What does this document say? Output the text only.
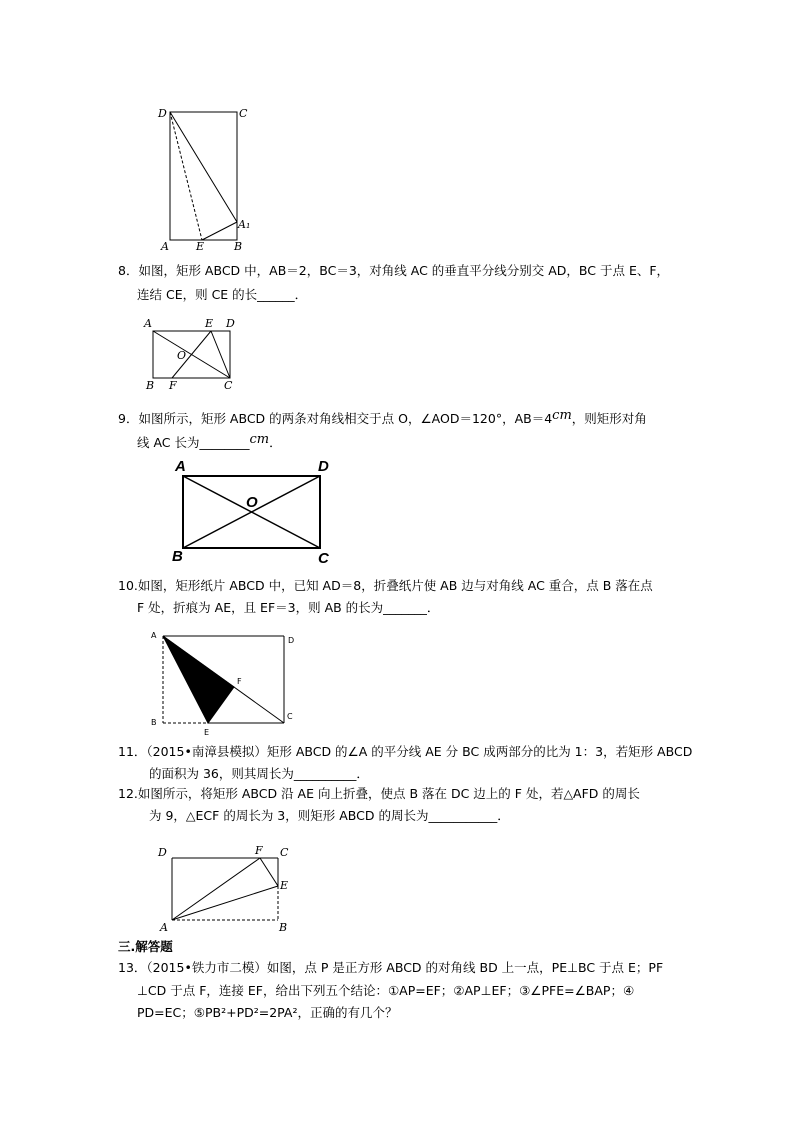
D	C
A₁
A E	B
8．如图，矩形 ABCD 中，AB＝2，BC＝3，对角线 AC 的垂直平分线分别交 AD，BC 于点 E、F，
连结 CE，则 CE 的长______．
A	E D
O
B F	C
9．如图所示，矩形 ABCD 的两条对角线相交于点 O，∠AOD＝120°，AB＝4cm，则矩形对角
线 AC 长为________cm．
A	D
O
B	C
10.如图，矩形纸片 ABCD 中，已知 AD＝8，折叠纸片使 AB 边与对角线 AC 重合，点 B 落在点
F 处，折痕为 AE，且 EF＝3，则 AB 的长为_______．
A
D
F
B
C
E
11．（2015•南漳县模拟）矩形 ABCD 的∠A 的平分线 AE 分 BC 成两部分的比为 1：3，若矩形 ABCD
的面积为 36，则其周长为__________．
12.如图所示，将矩形 ABCD 沿 AE 向上折叠，使点 B 落在 DC 边上的 F 处，若△AFD 的周长
为 9，△ECF 的周长为 3，则矩形 ABCD 的周长为___________．
D	F C
E
A	B
三.解答题
13．（2015•铁力市二模）如图，点 P 是正方形 ABCD 的对角线 BD 上一点，PE⊥BC 于点 E；PF
⊥CD 于点 F，连接 EF，给出下列五个结论：①AP=EF；②AP⊥EF；③∠PFE=∠BAP；④
PD=EC；⑤PB²+PD²=2PA²，正确的有几个？
